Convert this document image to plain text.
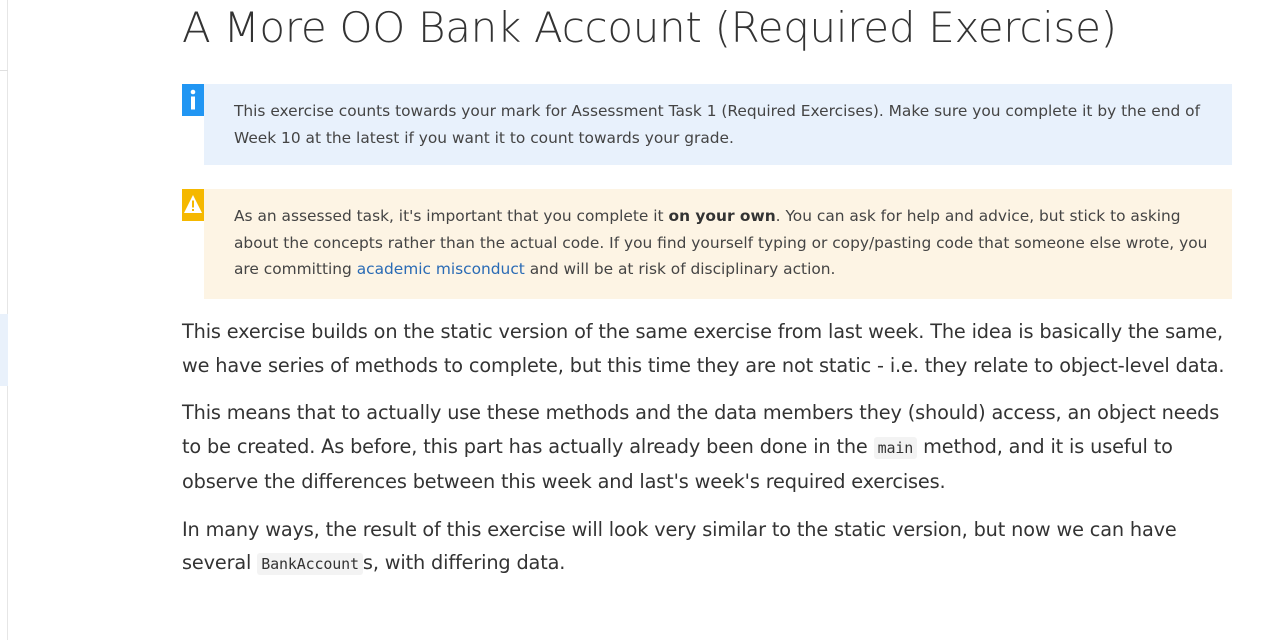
A More OO Bank Account (Required Exercise)
This exercise counts towards your mark for Assessment Task 1 (Required Exercises). Make sure you complete it by the end of Week 10 at the latest if you want it to count towards your grade.
As an assessed task, it's important that you complete it on your own. You can ask for help and advice, but stick to asking about the concepts rather than the actual code. If you find yourself typing or copy/pasting code that someone else wrote, you are committing academic misconduct and will be at risk of disciplinary action.

This exercise builds on the static version of the same exercise from last week. The idea is basically the same, we have series of methods to complete, but this time they are not static - i.e. they relate to object-level data.

This means that to actually use these methods and the data members they (should) access, an object needs to be created. As before, this part has actually already been done in the main method, and it is useful to observe the differences between this week and last's week's required exercises.

In many ways, the result of this exercise will look very similar to the static version, but now we can have several BankAccount s, with differing data.
